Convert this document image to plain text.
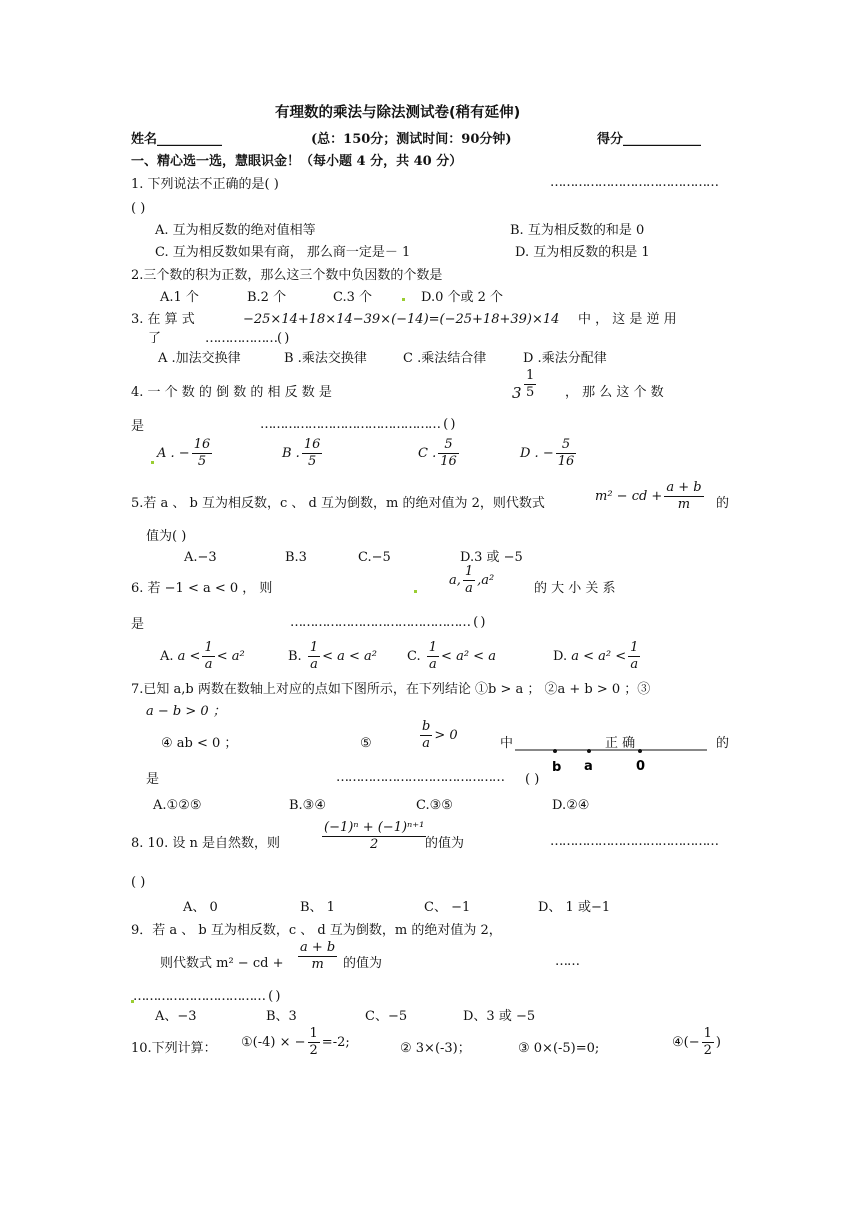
有理数的乘法与除法测试卷(稍有延伸)
姓名__________	(总：150分；测试时间：90分钟)	得分____________
一、精心选一选，慧眼识金！（每小题 4 分，共 40 分）
1. 下列说法不正确的是( )	……………………………………
( )
A. 互为相反数的绝对值相等	B. 互为相反数的和是 0
C. 互为相反数如果有商， 那么商一定是－ 1	D. 互为相反数的积是 1
2.三个数的积为正数，那么这三个数中负因数的个数是
A.1 个	B.2 个	C.3 个	D.0 个或 2 个
3. 在 算 式	−25×14+18×14−39×(−14)=(−25+18+39)×14 中 ， 这 是 逆 用
了	………………( )
A .加法交换律	B .乘法交换律	C .乘法结合律	D .乘法分配律
4. 一 个 数 的 倒 数 的 相 反 数 是	$3 \frac{1}{5}$ ， 那 么 这 个 数
是	……………………………………… ( )
A . − $\frac{16}{5}$	B . $\frac{16}{5}$	C . $\frac{5}{16}$	D . − $\frac{5}{16}$
5.若 a 、 b 互为相反数，c 、 d 互为倒数，m 的绝对值为 2，则代数式	m² − cd + $\frac{a + b}{m}$ 的
值为( )
A.−3	B.3	C.−5	D.3 或 −5
6. 若 −1 < a < 0 ， 则
a, $\frac{1}{a} ,a^2$
的 大 小 关 系
是	……………………………………… ( )
A. $a < \frac{1}{a} < a^2$	B. $\frac{1}{a} < a < a^2$ C. $\frac{1}{a} < a^2 < a$	D. $a < a^2 < \frac{1}{a}$
7.已知 a,b 两数在数轴上对应的点如下图所示，在下列结论 ①b > a ； ②a + b > 0 ；③
a − b > 0 ；
④ ab < 0 ；	⑤	$\frac{b}{a} > 0$
中	正 确	的
b a	0
是	…………………………………… ( )
A.①②⑤	B.③④	C.③⑤	D.②④
8. 10. 设 n 是自然数，则	$\frac{\text{(−1)ⁿ + (−1)ⁿ⁺¹}}{2}$
的值为	……………………………………
( )
A、 0	B、 1	C、 −1	D、 1 或−1
9．若 a 、 b 互为相反数，c 、 d 互为倒数，m 的绝对值为 2，
则代数式 m² − cd + $\frac{a + b}{m}$ 的值为	……
…………………………… ( )
A、−3	B、3	C、−5	D、3 或 −5
10.下列计算： ①(-4) × − $\frac{1}{2} =-2$;	② 3×(-3)；	③ 0×(-5)=0;	④(− $\frac{1}{2}$ )
